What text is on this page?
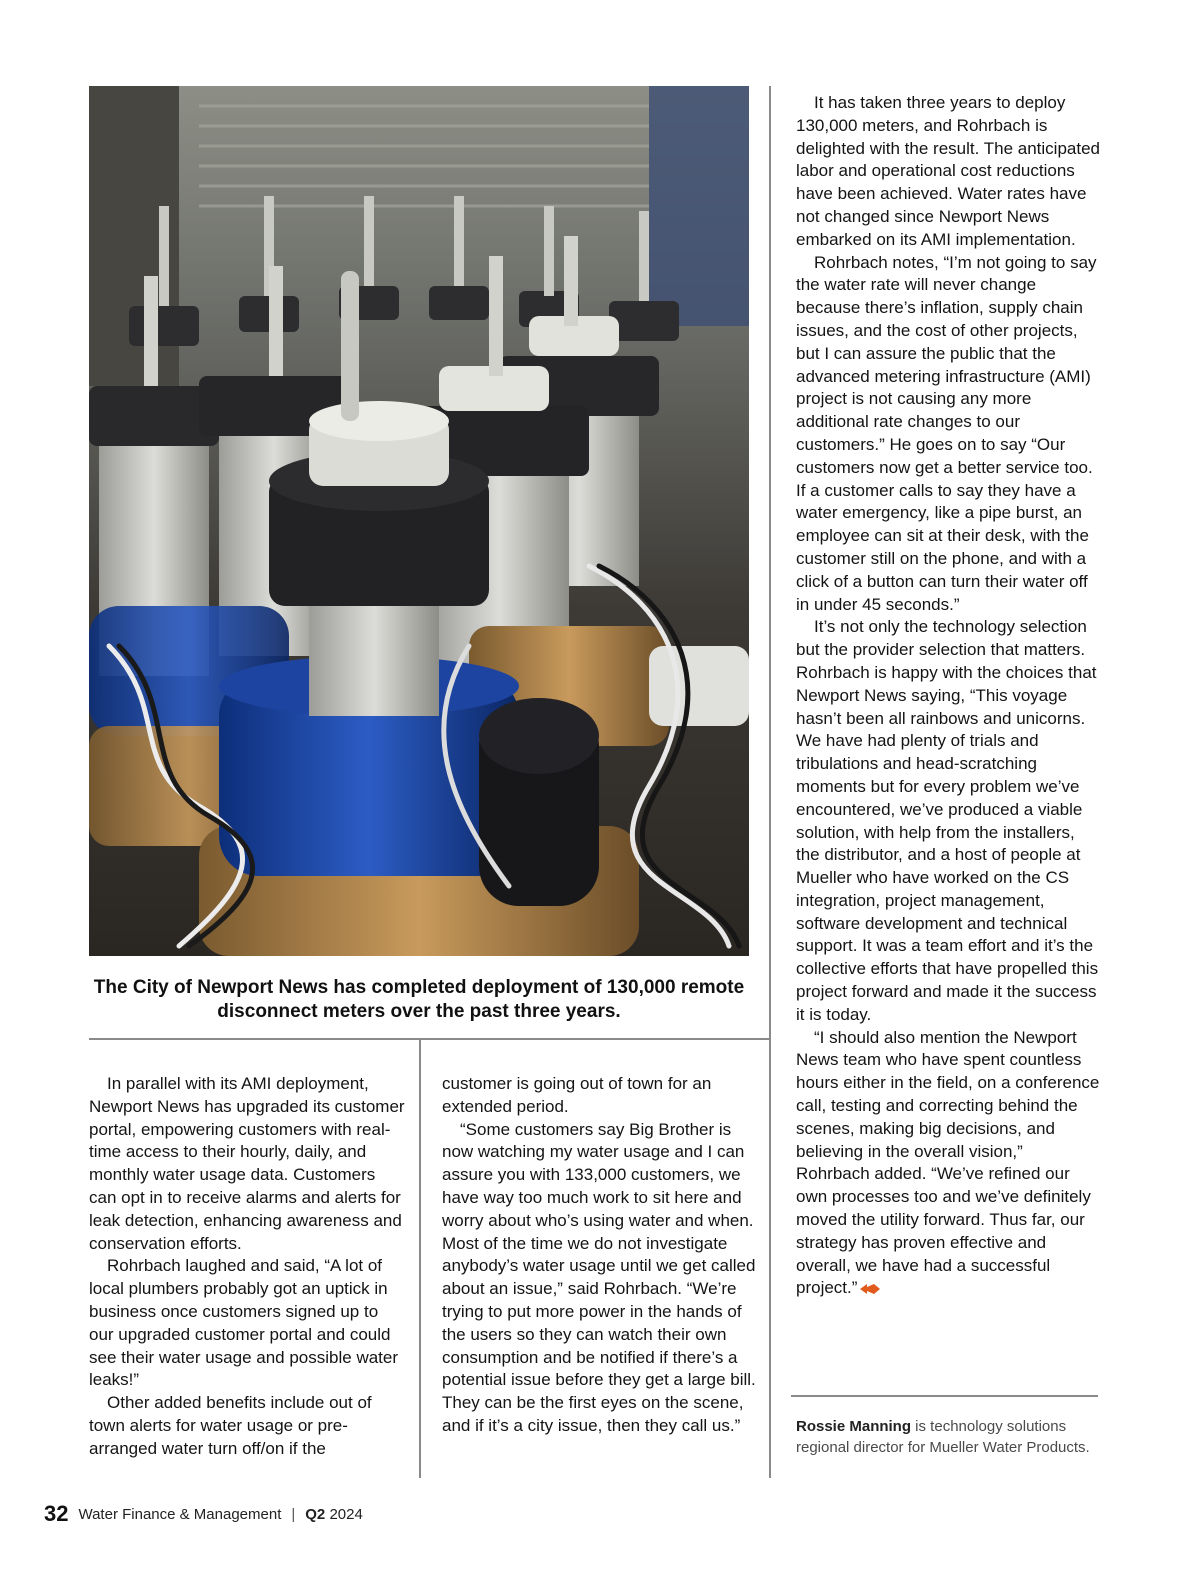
The City of Newport News has completed deployment of 130,000 remote disconnect meters over the past three years.

In parallel with its AMI deployment, Newport News has upgraded its customer portal, empowering customers with real-time access to their hourly, daily, and monthly water usage data. Customers can opt in to receive alarms and alerts for leak detection, enhancing awareness and conservation efforts.

Rohrbach laughed and said, “A lot of local plumbers probably got an uptick in business once customers signed up to our upgraded customer portal and could see their water usage and possible water leaks!”

Other added benefits include out of town alerts for water usage or pre-arranged water turn off/on if the

customer is going out of town for an extended period.

“Some customers say Big Brother is now watching my water usage and I can assure you with 133,000 customers, we have way too much work to sit here and worry about who’s using water and when. Most of the time we do not investigate anybody’s water usage until we get called about an issue,” said Rohrbach. “We’re trying to put more power in the hands of the users so they can watch their own consumption and be notified if there’s a potential issue before they get a large bill. They can be the first eyes on the scene, and if it’s a city issue, then they call us.”

It has taken three years to deploy 130,000 meters, and Rohrbach is delighted with the result. The anticipated labor and operational cost reductions have been achieved. Water rates have not changed since Newport News embarked on its AMI implementation.

Rohrbach notes, “I’m not going to say the water rate will never change because there’s inflation, supply chain issues, and the cost of other projects, but I can assure the public that the advanced metering infrastructure (AMI) project is not causing any more additional rate changes to our customers.” He goes on to say “Our customers now get a better service too. If a customer calls to say they have a water emergency, like a pipe burst, an employee can sit at their desk, with the customer still on the phone, and with a click of a button can turn their water off in under 45 seconds.”

It’s not only the technology selection but the provider selection that matters. Rohrbach is happy with the choices that Newport News saying, “This voyage hasn’t been all rainbows and unicorns. We have had plenty of trials and tribulations and head-scratching moments but for every problem we’ve encountered, we’ve produced a viable solution, with help from the installers, the distributor, and a host of people at Mueller who have worked on the CS integration, project management, software development and technical support. It was a team effort and it’s the collective efforts that have propelled this project forward and made it the success it is today.

“I should also mention the Newport News team who have spent countless hours either in the field, on a conference call, testing and correcting behind the scenes, making big decisions, and believing in the overall vision,” Rohrbach added. “We’ve refined our own processes too and we’ve definitely moved the utility forward. Thus far, our strategy has proven effective and overall, we have had a successful project.”

Rossie Manning is technology solutions regional director for Mueller Water Products.
32 Water Finance & Management | Q2 2024
